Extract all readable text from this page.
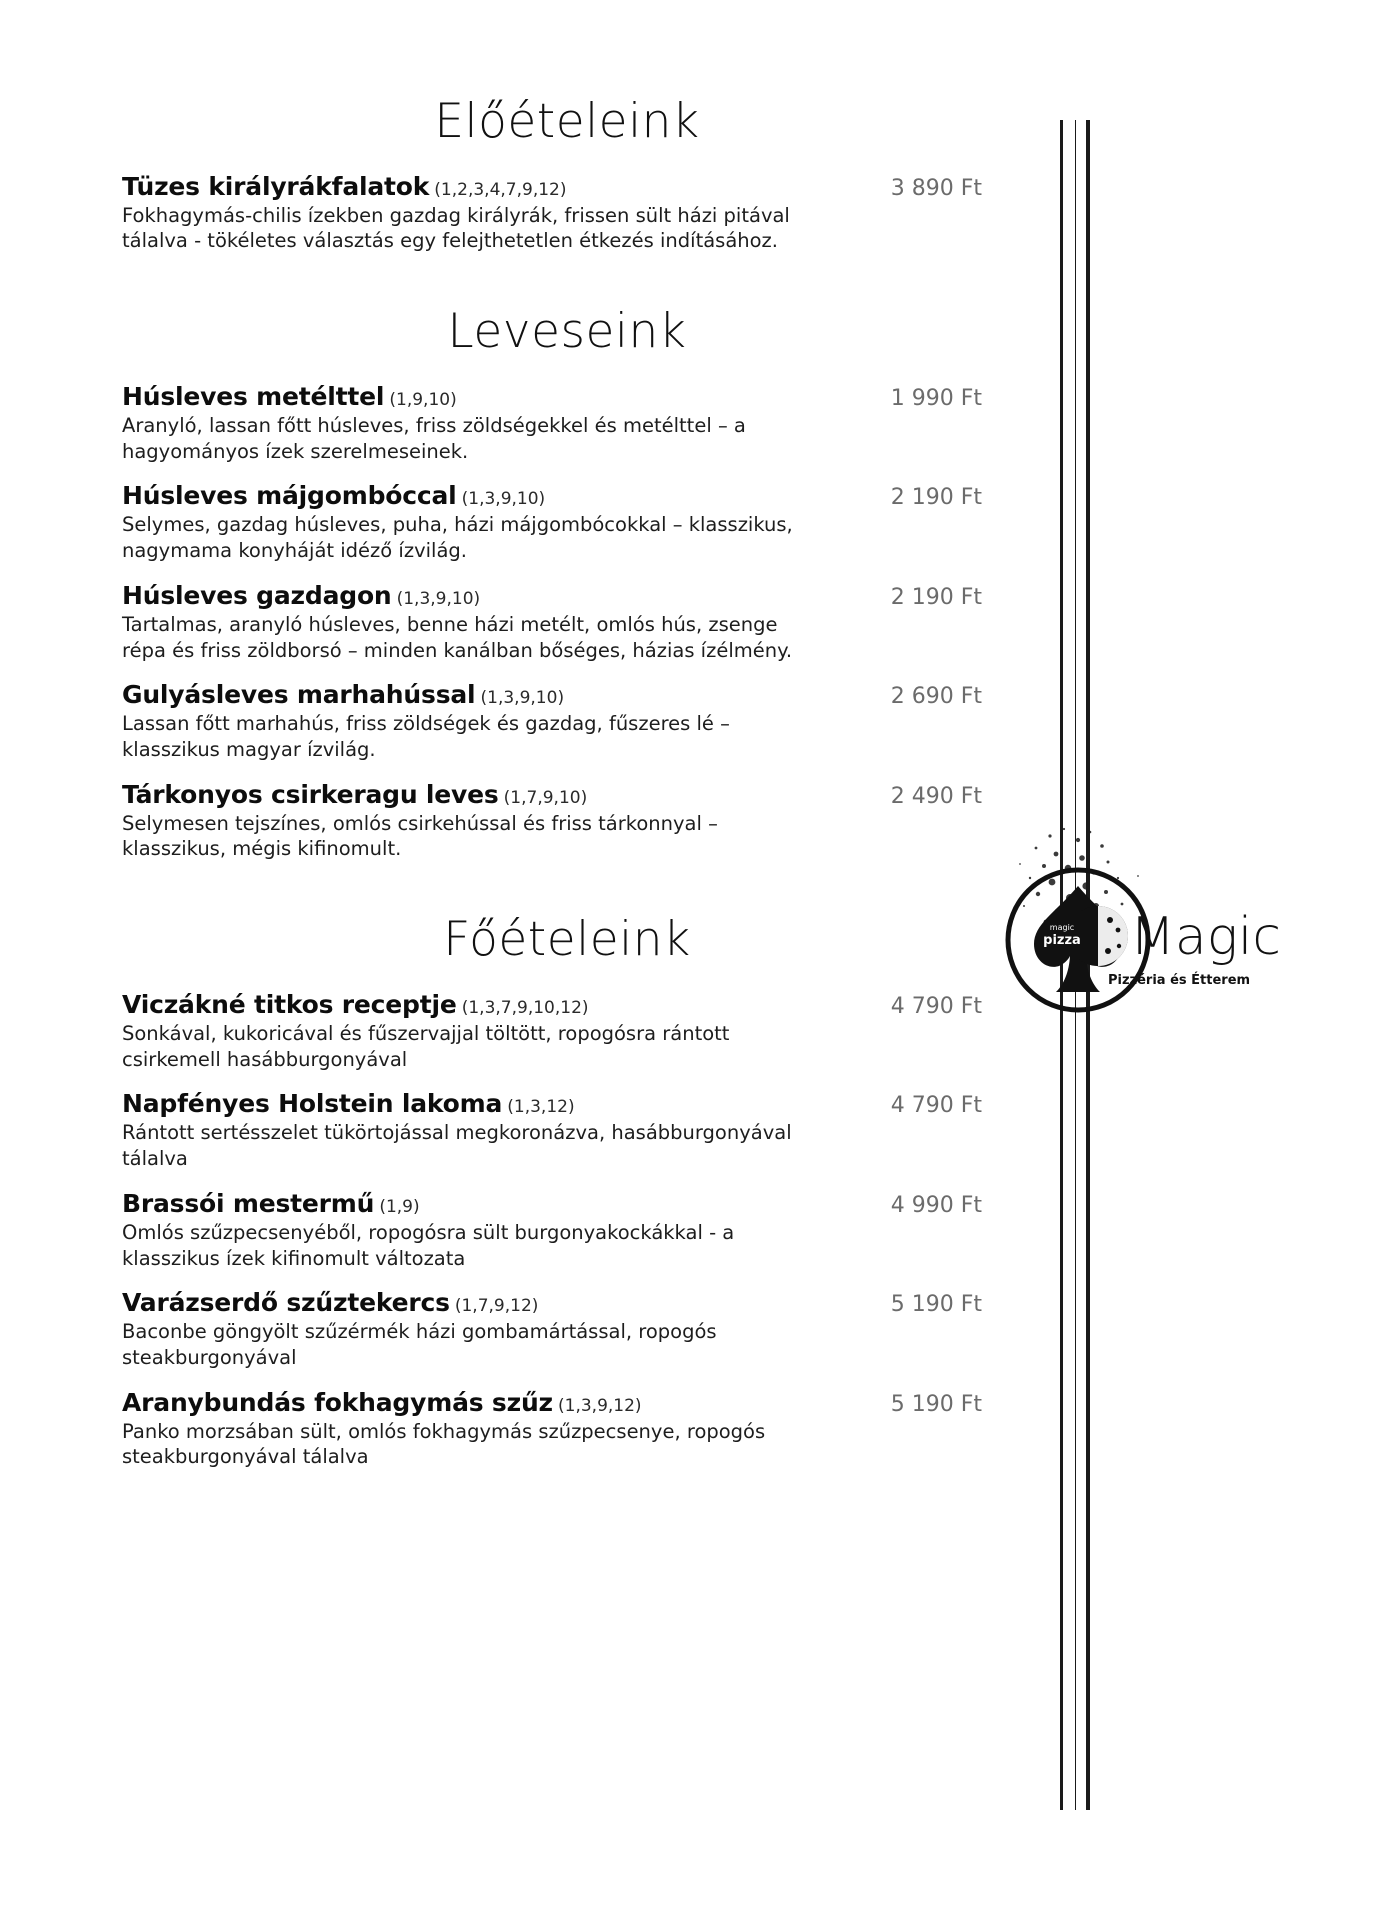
Előételeink
Tüzes királyrákfalatok (1,2,3,4,7,9,12)	3 890 Ft
Fokhagymás-chilis ízekben gazdag királyrák, frissen sült házi pitával tálalva - tökéletes választás egy felejthetetlen étkezés indításához.
Leveseink
Húsleves metélttel (1,9,10)	1 990 Ft
Aranyló, lassan főtt húsleves, friss zöldségekkel és metélttel – a hagyományos ízek szerelmeseinek.
Húsleves májgombóccal (1,3,9,10)	2 190 Ft
Selymes, gazdag húsleves, puha, házi májgombócokkal – klasszikus, nagymama konyháját idéző ízvilág.
Húsleves gazdagon (1,3,9,10)	2 190 Ft
Tartalmas, aranyló húsleves, benne házi metélt, omlós hús, zsenge répa és friss zöldborsó – minden kanálban bőséges, házias ízélmény.
Gulyásleves marhahússal (1,3,9,10)	2 690 Ft
Lassan főtt marhahús, friss zöldségek és gazdag, fűszeres lé – klasszikus magyar ízvilág.
Tárkonyos csirkeragu leves (1,7,9,10)	2 490 Ft
Selymesen tejszínes, omlós csirkehússal és friss tárkonnyal – klasszikus, mégis kifinomult.
Főételeink
Viczákné titkos receptje (1,3,7,9,10,12)	4 790 Ft
Sonkával, kukoricával és fűszervajjal töltött, ropogósra rántott csirkemell hasábburgonyával
Napfényes Holstein lakoma (1,3,12)	4 790 Ft
Rántott sertésszelet tükörtojással megkoronázva, hasábburgonyával tálalva
Brassói mestermű (1,9)	4 990 Ft
Omlós szűzpecsenyéből, ropogósra sült burgonyakockákkal - a klasszikus ízek kifinomult változata
Varázserdő szűztekercs (1,7,9,12)	5 190 Ft
Baconbe göngyölt szűzérmék házi gombamártással, ropogós steakburgonyával
Aranybundás fokhagymás szűz (1,3,9,12)	5 190 Ft
Panko morzsában sült, omlós fokhagymás szűzpecsenye, ropogós steakburgonyával tálalva
magic
pizza Magic
Pizzéria és Étterem
